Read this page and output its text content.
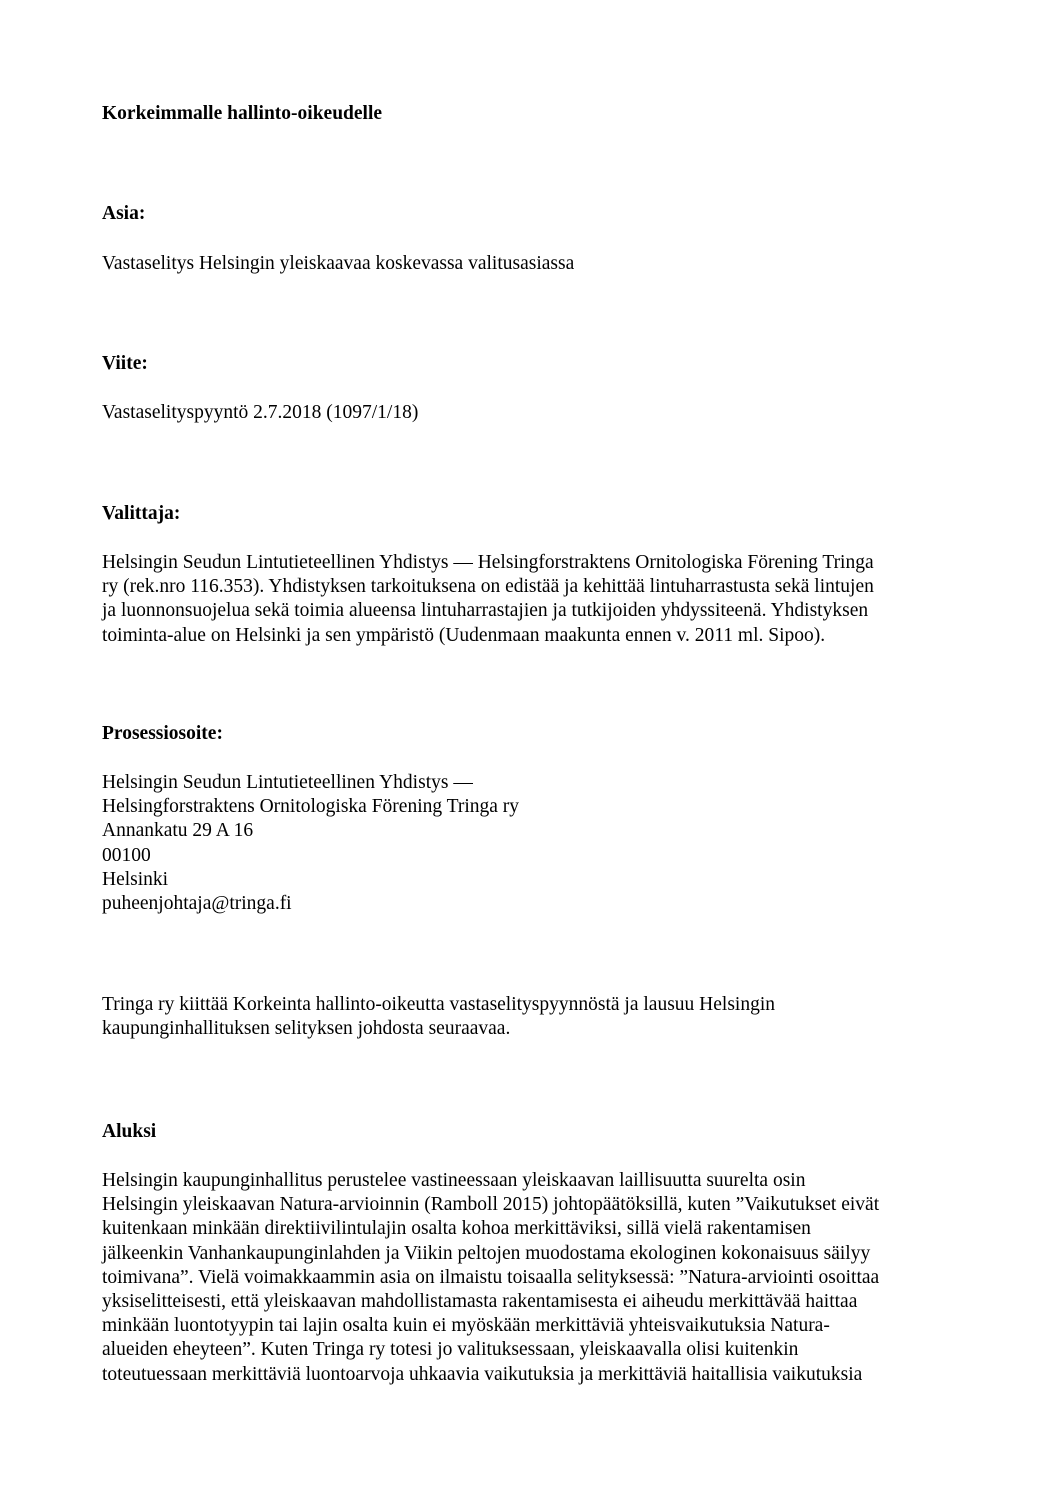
Korkeimmalle hallinto-oikeudelle

Asia:

Vastaselitys Helsingin yleiskaavaa koskevassa valitusasiassa

Viite:

Vastaselityspyyntö 2.7.2018 (1097/1/18)

Valittaja:

Helsingin Seudun Lintutieteellinen Yhdistys — Helsingforstraktens Ornitologiska Förening Tringa
ry (rek.nro 116.353). Yhdistyksen tarkoituksena on edistää ja kehittää lintuharrastusta sekä lintujen
ja luonnonsuojelua sekä toimia alueensa lintuharrastajien ja tutkijoiden yhdyssiteenä. Yhdistyksen
toiminta-alue on Helsinki ja sen ympäristö (Uudenmaan maakunta ennen v. 2011 ml. Sipoo).

Prosessiosoite:

Helsingin Seudun Lintutieteellinen Yhdistys —
Helsingforstraktens Ornitologiska Förening Tringa ry
Annankatu 29 A 16
00100
Helsinki
puheenjohtaja@tringa.fi
Tringa ry kiittää Korkeinta hallinto-oikeutta vastaselityspyynnöstä ja lausuu Helsingin
kaupunginhallituksen selityksen johdosta seuraavaa.

Aluksi

Helsingin kaupunginhallitus perustelee vastineessaan yleiskaavan laillisuutta suurelta osin
Helsingin yleiskaavan Natura-arvioinnin (Ramboll 2015) johtopäätöksillä, kuten ”Vaikutukset eivät
kuitenkaan minkään direktiivilintulajin osalta kohoa merkittäviksi, sillä vielä rakentamisen
jälkeenkin Vanhankaupunginlahden ja Viikin peltojen muodostama ekologinen kokonaisuus säilyy
toimivana”. Vielä voimakkaammin asia on ilmaistu toisaalla selityksessä: ”Natura-arviointi osoittaa
yksiselitteisesti, että yleiskaavan mahdollistamasta rakentamisesta ei aiheudu merkittävää haittaa
minkään luontotyypin tai lajin osalta kuin ei myöskään merkittäviä yhteisvaikutuksia Natura-
alueiden eheyteen”. Kuten Tringa ry totesi jo valituksessaan, yleiskaavalla olisi kuitenkin
toteutuessaan merkittäviä luontoarvoja uhkaavia vaikutuksia ja merkittäviä haitallisia vaikutuksia
